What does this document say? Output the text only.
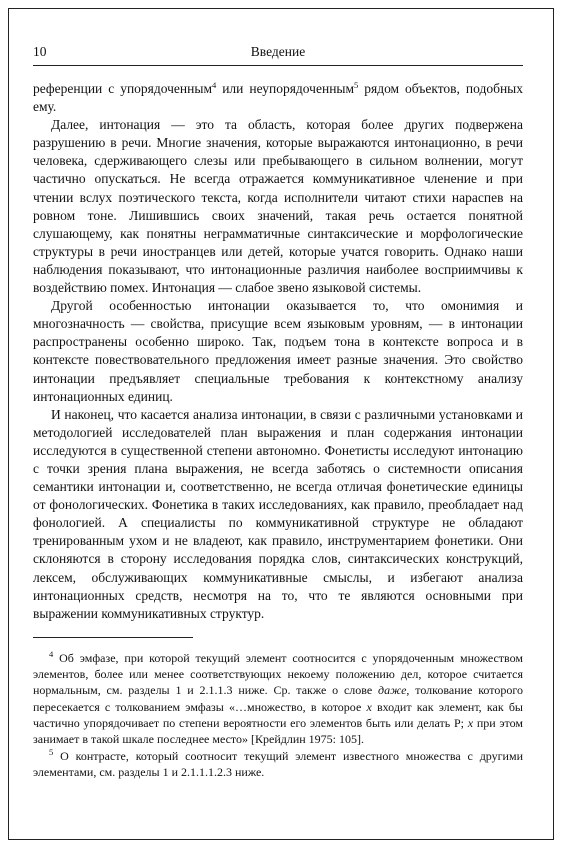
10	Введение

референции с упорядоченным$^4$ или неупорядоченным$^5$ рядом объектов, подобных ему.

Далее, интонация — это та область, которая более других подвержена разрушению в речи. Многие значения, которые выражаются интонационно, в речи человека, сдерживающего слезы или пребывающего в сильном волнении, могут частично опускаться. Не всегда отражается коммуникативное членение и при чтении вслух поэтического текста, когда исполнители читают стихи нараспев на ровном тоне. Лишившись своих значений, такая речь остается понятной слушающему, как понятны неграмматичные синтаксические и морфологические структуры в речи иностранцев или детей, которые учатся говорить. Однако наши наблюдения показывают, что интонационные различия наиболее восприимчивы к воздействию помех. Интонация — слабое звено языковой системы.

Другой особенностью интонации оказывается то, что омонимия и многозначность — свойства, присущие всем языковым уровням, — в интонации распространены особенно широко. Так, подъем тона в контексте вопроса и в контексте повествовательного предложения имеет разные значения. Это свойство интонации предъявляет специальные требования к контекстному анализу интонационных единиц.

И наконец, что касается анализа интонации, в связи с различными установками и методологией исследователей план выражения и план содержания интонации исследуются в существенной степени автономно. Фонетисты исследуют интонацию с точки зрения плана выражения, не всегда заботясь о системности описания семантики интонации и, соответственно, не всегда отличая фонетические единицы от фонологических. Фонетика в таких исследованиях, как правило, преобладает над фонологией. А специалисты по коммуникативной структуре не обладают тренированным ухом и не владеют, как правило, инструментарием фонетики. Они склоняются в сторону исследования порядка слов, синтаксических конструкций, лексем, обслуживающих коммуникативные смыслы, и избегают анализа интонационных средств, несмотря на то, что те являются основными при выражении коммуникативных структур.

$^4$ Об эмфазе, при которой текущий элемент соотносится с упорядоченным множеством элементов, более или менее соответствующих некоему положению дел, которое считается нормальным, см. разделы 1 и 2.1.1.3 ниже. Ср. также о слове даже, толкование которого пересекается с толкованием эмфазы «…множество, в которое x входит как элемент, как бы частично упорядочивает по степени вероятности его элементов быть или делать P; x при этом занимает в такой шкале последнее место» [Крейдлин 1975: 105].

$^5$ О контрасте, который соотносит текущий элемент известного множества с другими элементами, см. разделы 1 и 2.1.1.1.2.3 ниже.
